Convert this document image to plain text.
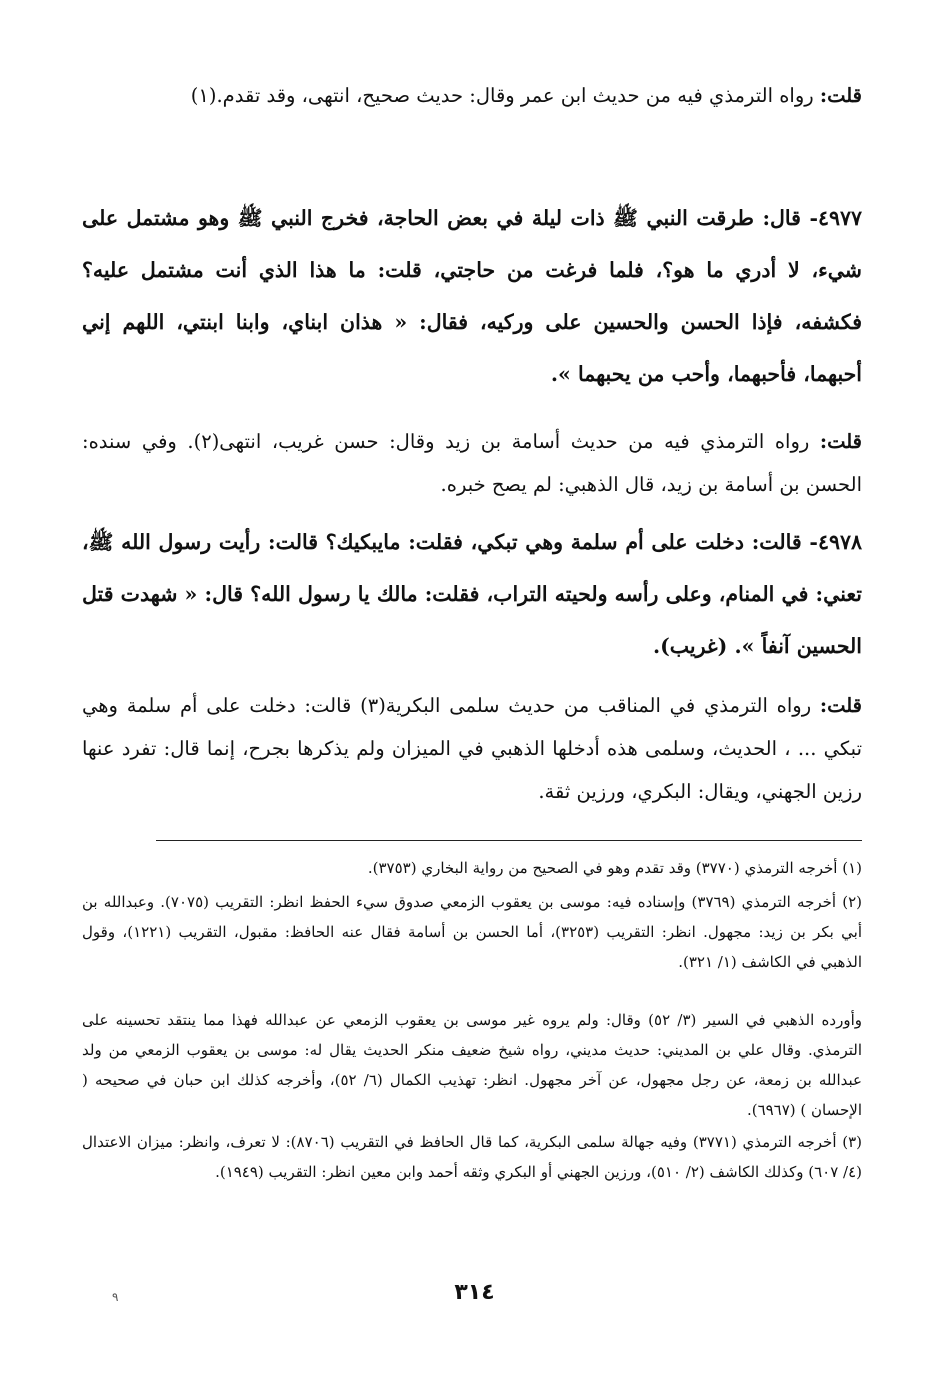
قلت: رواه الترمذي فيه من حديث ابن عمر وقال: حديث صحيح، انتهى، وقد تقدم.(١)

٤٩٧٧- قال: طرقت النبي ﷺ ذات ليلة في بعض الحاجة، فخرج النبي ﷺ وهو مشتمل على شيء، لا أدري ما هو؟، فلما فرغت من حاجتي، قلت: ما هذا الذي أنت مشتمل عليه؟ فكشفه، فإذا الحسن والحسين على وركيه، فقال: « هذان ابناي، وابنا ابنتي، اللهم إني أحبهما، فأحبهما، وأحب من يحبهما ».

قلت: رواه الترمذي فيه من حديث أسامة بن زيد وقال: حسن غريب، انتهى(٢). وفي سنده: الحسن بن أسامة بن زيد، قال الذهبي: لم يصح خبره.

٤٩٧٨- قالت: دخلت على أم سلمة وهي تبكي، فقلت: مايبكيك؟ قالت: رأيت رسول الله ﷺ، تعني: في المنام، وعلى رأسه ولحيته التراب، فقلت: مالك يا رسول الله؟ قال: « شهدت قتل الحسين آنفاً ». (غريب).

قلت: رواه الترمذي في المناقب من حديث سلمى البكرية(٣) قالت: دخلت على أم سلمة وهي تبكي ... ، الحديث، وسلمى هذه أدخلها الذهبي في الميزان ولم يذكرها بجرح، إنما قال: تفرد عنها رزين الجهني، ويقال: البكري، ورزين ثقة.

(١) أخرجه الترمذي (٣٧٧٠) وقد تقدم وهو في الصحيح من رواية البخاري (٣٧٥٣).

(٢) أخرجه الترمذي (٣٧٦٩) وإسناده فيه: موسى بن يعقوب الزمعي صدوق سيء الحفظ انظر: التقريب (٧٠٧٥). وعبدالله بن أبي بكر بن زيد: مجهول. انظر: التقريب (٣٢٥٣)، أما الحسن بن أسامة فقال عنه الحافظ: مقبول، التقريب (١٢٢١)، وقول الذهبي في الكاشف (١/ ٣٢١).

وأورده الذهبي في السير (٣/ ٥٢) وقال: ولم يروه غير موسى بن يعقوب الزمعي عن عبدالله فهذا مما ينتقد تحسينه على الترمذي. وقال علي بن المديني: حديث مديني، رواه شيخ ضعيف منكر الحديث يقال له: موسى بن يعقوب الزمعي من ولد عبدالله بن زمعة، عن رجل مجهول، عن آخر مجهول. انظر: تهذيب الكمال (٦/ ٥٢)، وأخرجه كذلك ابن حبان في صحيحه ( الإحسان ) (٦٩٦٧).

(٣) أخرجه الترمذي (٣٧٧١) وفيه جهالة سلمى البكرية، كما قال الحافظ في التقريب (٨٧٠٦): لا تعرف، وانظر: ميزان الاعتدال (٤/ ٦٠٧) وكذلك الكاشف (٢/ ٥١٠)، ورزين الجهني أو البكري وثقه أحمد وابن معين انظر: التقريب (١٩٤٩).

٣١٤
٩
